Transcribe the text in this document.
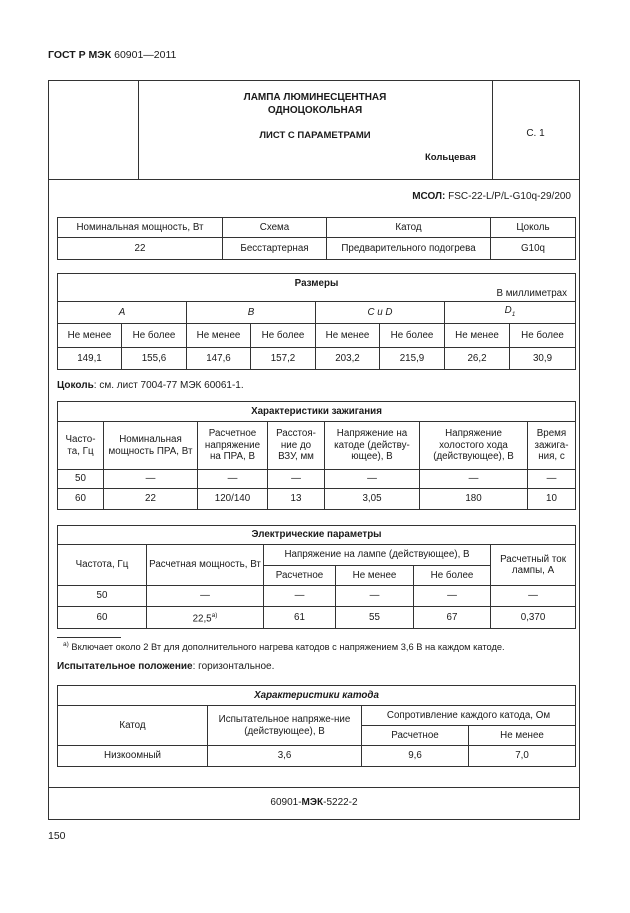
ГОСТ Р МЭК 60901—2011
ЛАМПА ЛЮМИНЕСЦЕНТНАЯ
ОДНОЦОКОЛЬНАЯ
ЛИСТ С ПАРАМЕТРАМИ
Кольцевая
С. 1
МСОЛ: FSC-22-L/P/L-G10q-29/200
Номинальная мощность, Вт	Схема	Катод	Цоколь
22	Бесстартерная	Предварительного подогрева	G10q
Размеры
В миллиметрах							

A		B		C и D		$D_1$
Не менее	Не более	Не менее	Не более	Не менее	Не более	Не менее	Не более
149,1	155,6	147,6	157,2	203,2	215,9	26,2	30,9
Цоколь: см. лист 7004-77 МЭК 60061-1.
Характеристики зажигания						
Часто-та, Гц	Номинальная мощность ПРА, Вт	Расчетное напряжение на ПРА, В	Расстоя-ние до ВЗУ, мм	Напряжение на катоде (действу-ющее), В	Напряжение холостого хода (действующее), В	Время зажига-ния, с
50	—	—	—	—	—	—
60	22	120/140	13	3,05	180	10
Электрические параметры					
Частота, Гц	Расчетная мощность, Вт	Напряжение на лампе (действующее), В			Расчетный ток лампы, А
		Расчетное	Не менее	Не более	
50	—	—	—	—	—
60	$22,5^{а)}$	61	55	67	0,370
$^{а)}$ Включает около 2 Вт для дополнительного нагрева катодов с напряжением 3,6 В на каждом катоде.
Испытательное положение: горизонтальное.
Характеристики катода			
Катод	Испытательное напряже-ние (действующее), В	Сопротивление каждого катода, Ом	
		Расчетное	Не менее
Низкоомный	3,6	9,6	7,0
60901-МЭК-5222-2
150
